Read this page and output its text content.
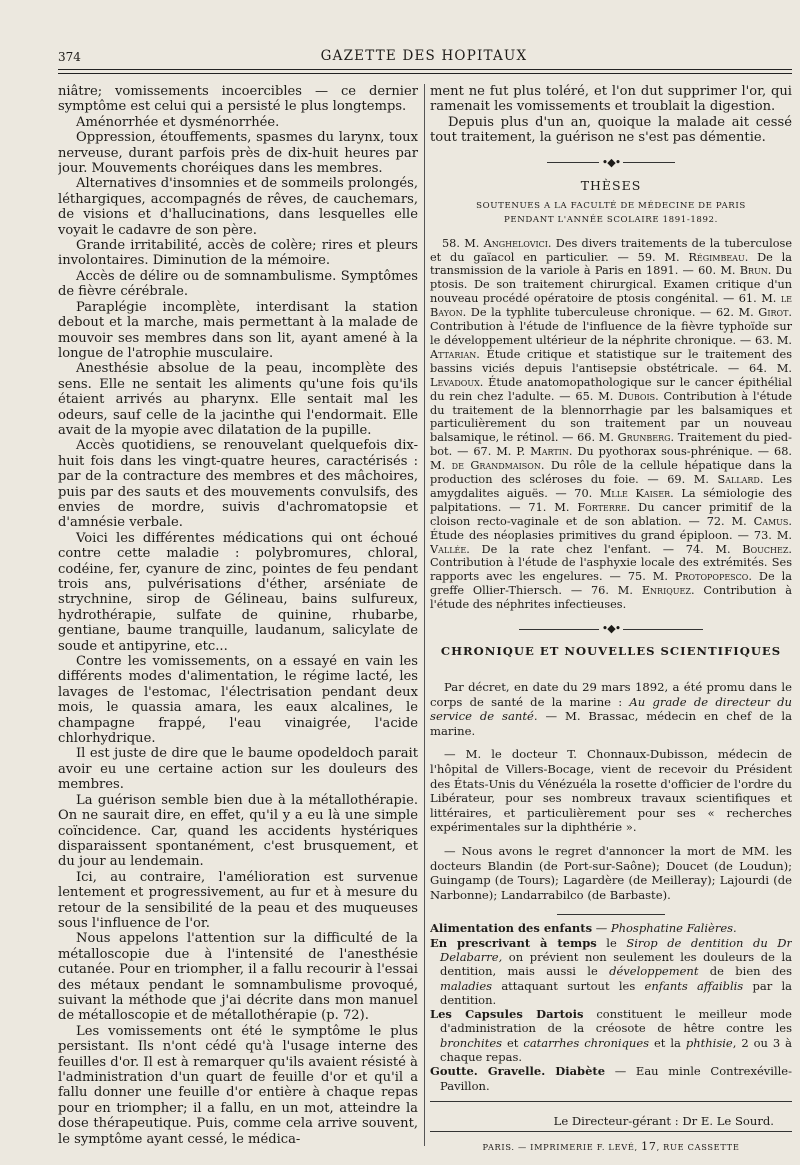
374	GAZETTE DES HOPITAUX

niâtre; vomissements incoercibles — ce dernier symptôme est celui qui a persisté le plus longtemps.

Aménorrhée et dysménorrhée.

Oppression, étouffements, spasmes du larynx, toux nerveuse, durant parfois près de dix-huit heures par jour. Mouvements choréiques dans les membres.

Alternatives d'insomnies et de sommeils prolongés, léthargiques, accompagnés de rêves, de cauchemars, de visions et d'hallucinations, dans lesquelles elle voyait le cadavre de son père.

Grande irritabilité, accès de colère; rires et pleurs involontaires. Diminution de la mémoire.

Accès de délire ou de somnambulisme. Symptômes de fièvre cérébrale.

Paraplégie incomplète, interdisant la station debout et la marche, mais permettant à la malade de mouvoir ses membres dans son lit, ayant amené à la longue de l'atrophie musculaire.

Anesthésie absolue de la peau, incomplète des sens. Elle ne sentait les aliments qu'une fois qu'ils étaient arrivés au pharynx. Elle sentait mal les odeurs, sauf celle de la jacinthe qui l'endormait. Elle avait de la myopie avec dilatation de la pupille.

Accès quotidiens, se renouvelant quelquefois dix-huit fois dans les vingt-quatre heures, caractérisés : par de la contracture des membres et des mâchoires, puis par des sauts et des mouvements convulsifs, des envies de mordre, suivis d'achromatopsie et d'amnésie verbale.

Voici les différentes médications qui ont échoué contre cette maladie : polybromures, chloral, codéine, fer, cyanure de zinc, pointes de feu pendant trois ans, pulvérisations d'éther, arséniate de strychnine, sirop de Gélineau, bains sulfureux, hydrothérapie, sulfate de quinine, rhubarbe, gentiane, baume tranquille, laudanum, salicylate de soude et antipyrine, etc...

Contre les vomissements, on a essayé en vain les différents modes d'alimentation, le régime lacté, les lavages de l'estomac, l'électrisation pendant deux mois, le quassia amara, les eaux alcalines, le champagne frappé, l'eau vinaigrée, l'acide chlorhydrique.

Il est juste de dire que le baume opodeldoch parait avoir eu une certaine action sur les douleurs des membres.

La guérison semble bien due à la métallothérapie. On ne saurait dire, en effet, qu'il y a eu là une simple coïncidence. Car, quand les accidents hystériques disparaissent spontanément, c'est brusquement, et du jour au lendemain.

Ici, au contraire, l'amélioration est survenue lentement et progressivement, au fur et à mesure du retour de la sensibilité de la peau et des muqueuses sous l'influence de l'or.

Nous appelons l'attention sur la difficulté de la métalloscopie due à l'intensité de l'anesthésie cutanée. Pour en triompher, il a fallu recourir à l'essai des métaux pendant le somnambulisme provoqué, suivant la méthode que j'ai décrite dans mon manuel de métalloscopie et de métallothérapie (p. 72).

Les vomissements ont été le symptôme le plus persistant. Ils n'ont cédé qu'à l'usage interne des feuilles d'or. Il est à remarquer qu'ils avaient résisté à l'administration d'un quart de feuille d'or et qu'il a fallu donner une feuille d'or entière à chaque repas pour en triompher; il a fallu, en un mot, atteindre la dose thérapeutique. Puis, comme cela arrive souvent, le symptôme ayant cessé, le médica-

ment ne fut plus toléré, et l'on dut supprimer l'or, qui ramenait les vomissements et troublait la digestion.

Depuis plus d'un an, quoique la malade ait cessé tout traitement, la guérison ne s'est pas démentie.

•◆•
THÈSES
SOUTENUES A LA FACULTÉ DE MÉDECINE DE PARIS
PENDANT L'ANNÉE SCOLAIRE 1891-1892.

58. M. Anghelovici. Des divers traitements de la tuberculose et du gaïacol en particulier. — 59. M. Régimbeau. De la transmission de la variole à Paris en 1891. — 60. M. Brun. Du ptosis. De son traitement chirurgical. Examen critique d'un nouveau procédé opératoire de ptosis congénital. — 61. M. le Bayon. De la typhlite tuberculeuse chronique. — 62. M. Girot. Contribution à l'étude de l'influence de la fièvre typhoïde sur le développement ultérieur de la néphrite chronique. — 63. M. Attarian. Étude critique et statistique sur le traitement des bassins viciés depuis l'antisepsie obstétricale. — 64. M. Levadoux. Étude anatomopathologique sur le cancer épithélial du rein chez l'adulte. — 65. M. Dubois. Contribution à l'étude du traitement de la blennorrhagie par les balsamiques et particulièrement du son traitement par un nouveau balsamique, le rétinol. — 66. M. Grunberg. Traitement du pied-bot. — 67. M. P. Martin. Du pyothorax sous-phrénique. — 68. M. de Grandmaison. Du rôle de la cellule hépatique dans la production des scléroses du foie. — 69. M. Sallard. Les amygdalites aiguës. — 70. Mlle Kaiser. La sémiologie des palpitations. — 71. M. Forterre. Du cancer primitif de la cloison recto-vaginale et de son ablation. — 72. M. Camus. Étude des néoplasies primitives du grand épiploon. — 73. M. Vallée. De la rate chez l'enfant. — 74. M. Bouchez. Contribution à l'étude de l'asphyxie locale des extrémités. Ses rapports avec les engelures. — 75. M. Protopopesco. De la greffe Ollier-Thiersch. — 76. M. Enriquez. Contribution à l'étude des néphrites infectieuses.

•◆•
CHRONIQUE ET NOUVELLES SCIENTIFIQUES

Par décret, en date du 29 mars 1892, a été promu dans le corps de santé de la marine : Au grade de directeur du service de santé. — M. Brassac, médecin en chef de la marine.

— M. le docteur T. Chonnaux-Dubisson, médecin de l'hôpital de Villers-Bocage, vient de recevoir du Président des États-Unis du Vénézuéla la rosette d'officier de l'ordre du Libérateur, pour ses nombreux travaux scientifiques et littéraires, et particulièrement pour ses « recherches expérimentales sur la diphthérie ».

— Nous avons le regret d'annoncer la mort de MM. les docteurs Blandin (de Port-sur-Saône); Doucet (de Loudun); Guingamp (de Tours); Lagardère (de Meilleray); Lajourdi (de Narbonne); Landarrabilco (de Barbaste).

Alimentation des enfants — Phosphatine Falières.

En prescrivant à temps le Sirop de dentition du Dr Delabarre, on prévient non seulement les douleurs de la dentition, mais aussi le développement de bien des maladies attaquant surtout les enfants affaiblis par la dentition.

Les Capsules Dartois constituent le meilleur mode d'administration de la créosote de hêtre contre les bronchites et catarrhes chroniques et la phthisie, 2 ou 3 à chaque repas.

Goutte. Gravelle. Diabète — Eau minle Contrexéville-Pavillon.

Le Directeur-gérant : Dr E. Le Sourd.
PARIS. — IMPRIMERIE F. LEVÉ, 17, RUE CASSETTE
